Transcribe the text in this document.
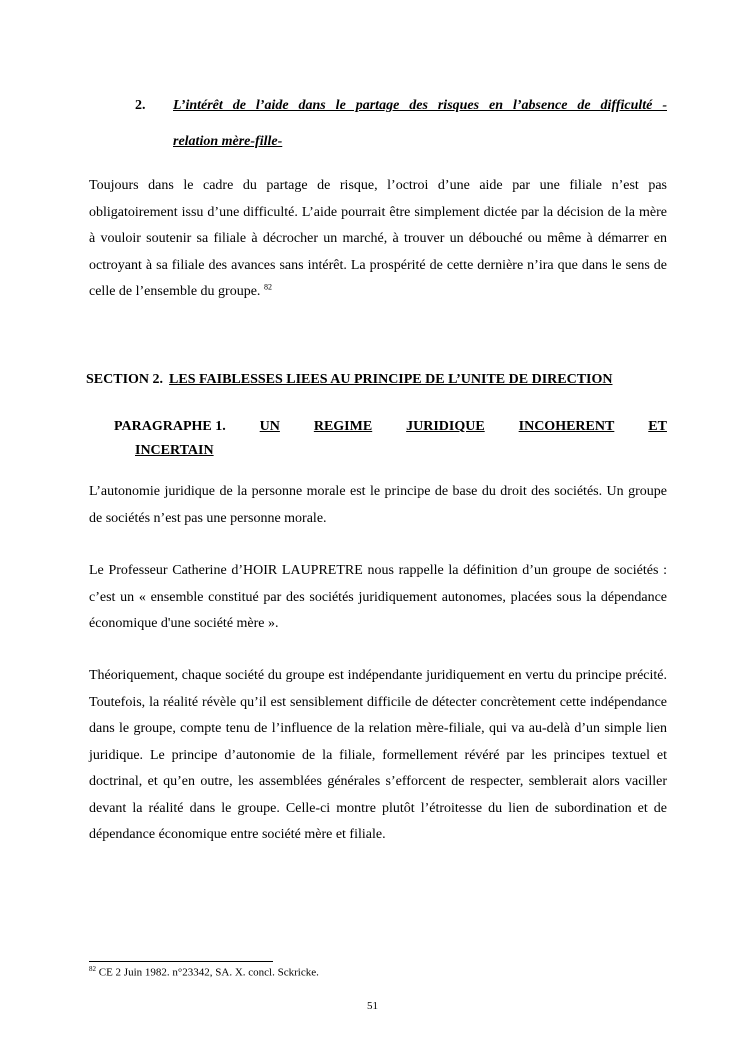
2. L’intérêt de l’aide dans le partage des risques en l’absence de difficulté -
relation mère-fille-

Toujours dans le cadre du partage de risque, l’octroi d’une aide par une filiale n’est pas obligatoirement issu d’une difficulté. L’aide pourrait être simplement dictée par la décision de la mère à vouloir soutenir sa filiale à décrocher un marché, à trouver un débouché ou même à démarrer en octroyant à sa filiale des avances sans intérêt. La prospérité de cette dernière n’ira que dans le sens de celle de l’ensemble du groupe. $^{82}$

SECTION 2. LES FAIBLESSES LIEES AU PRINCIPE DE L’UNITE DE DIRECTION
PARAGRAPHE 1. UN REGIME JURIDIQUE INCOHERENT ET
INCERTAIN

L’autonomie juridique de la personne morale est le principe de base du droit des sociétés. Un groupe de sociétés n’est pas une personne morale.

Le Professeur Catherine d’HOIR LAUPRETRE nous rappelle la définition d’un groupe de sociétés : c’est un « ensemble constitué par des sociétés juridiquement autonomes, placées sous la dépendance économique d'une société mère ».

Théoriquement, chaque société du groupe est indépendante juridiquement en vertu du principe précité. Toutefois, la réalité révèle qu’il est sensiblement difficile de détecter concrètement cette indépendance dans le groupe, compte tenu de l’influence de la relation mère-filiale, qui va au-delà d’un simple lien juridique. Le principe d’autonomie de la filiale, formellement révéré par les principes textuel et doctrinal, et qu’en outre, les assemblées générales s’efforcent de respecter, semblerait alors vaciller devant la réalité dans le groupe. Celle-ci montre plutôt l’étroitesse du lien de subordination et de dépendance économique entre société mère et filiale.

$^{82}$ CE 2 Juin 1982. n°23342, SA. X. concl. Sckricke.
51
